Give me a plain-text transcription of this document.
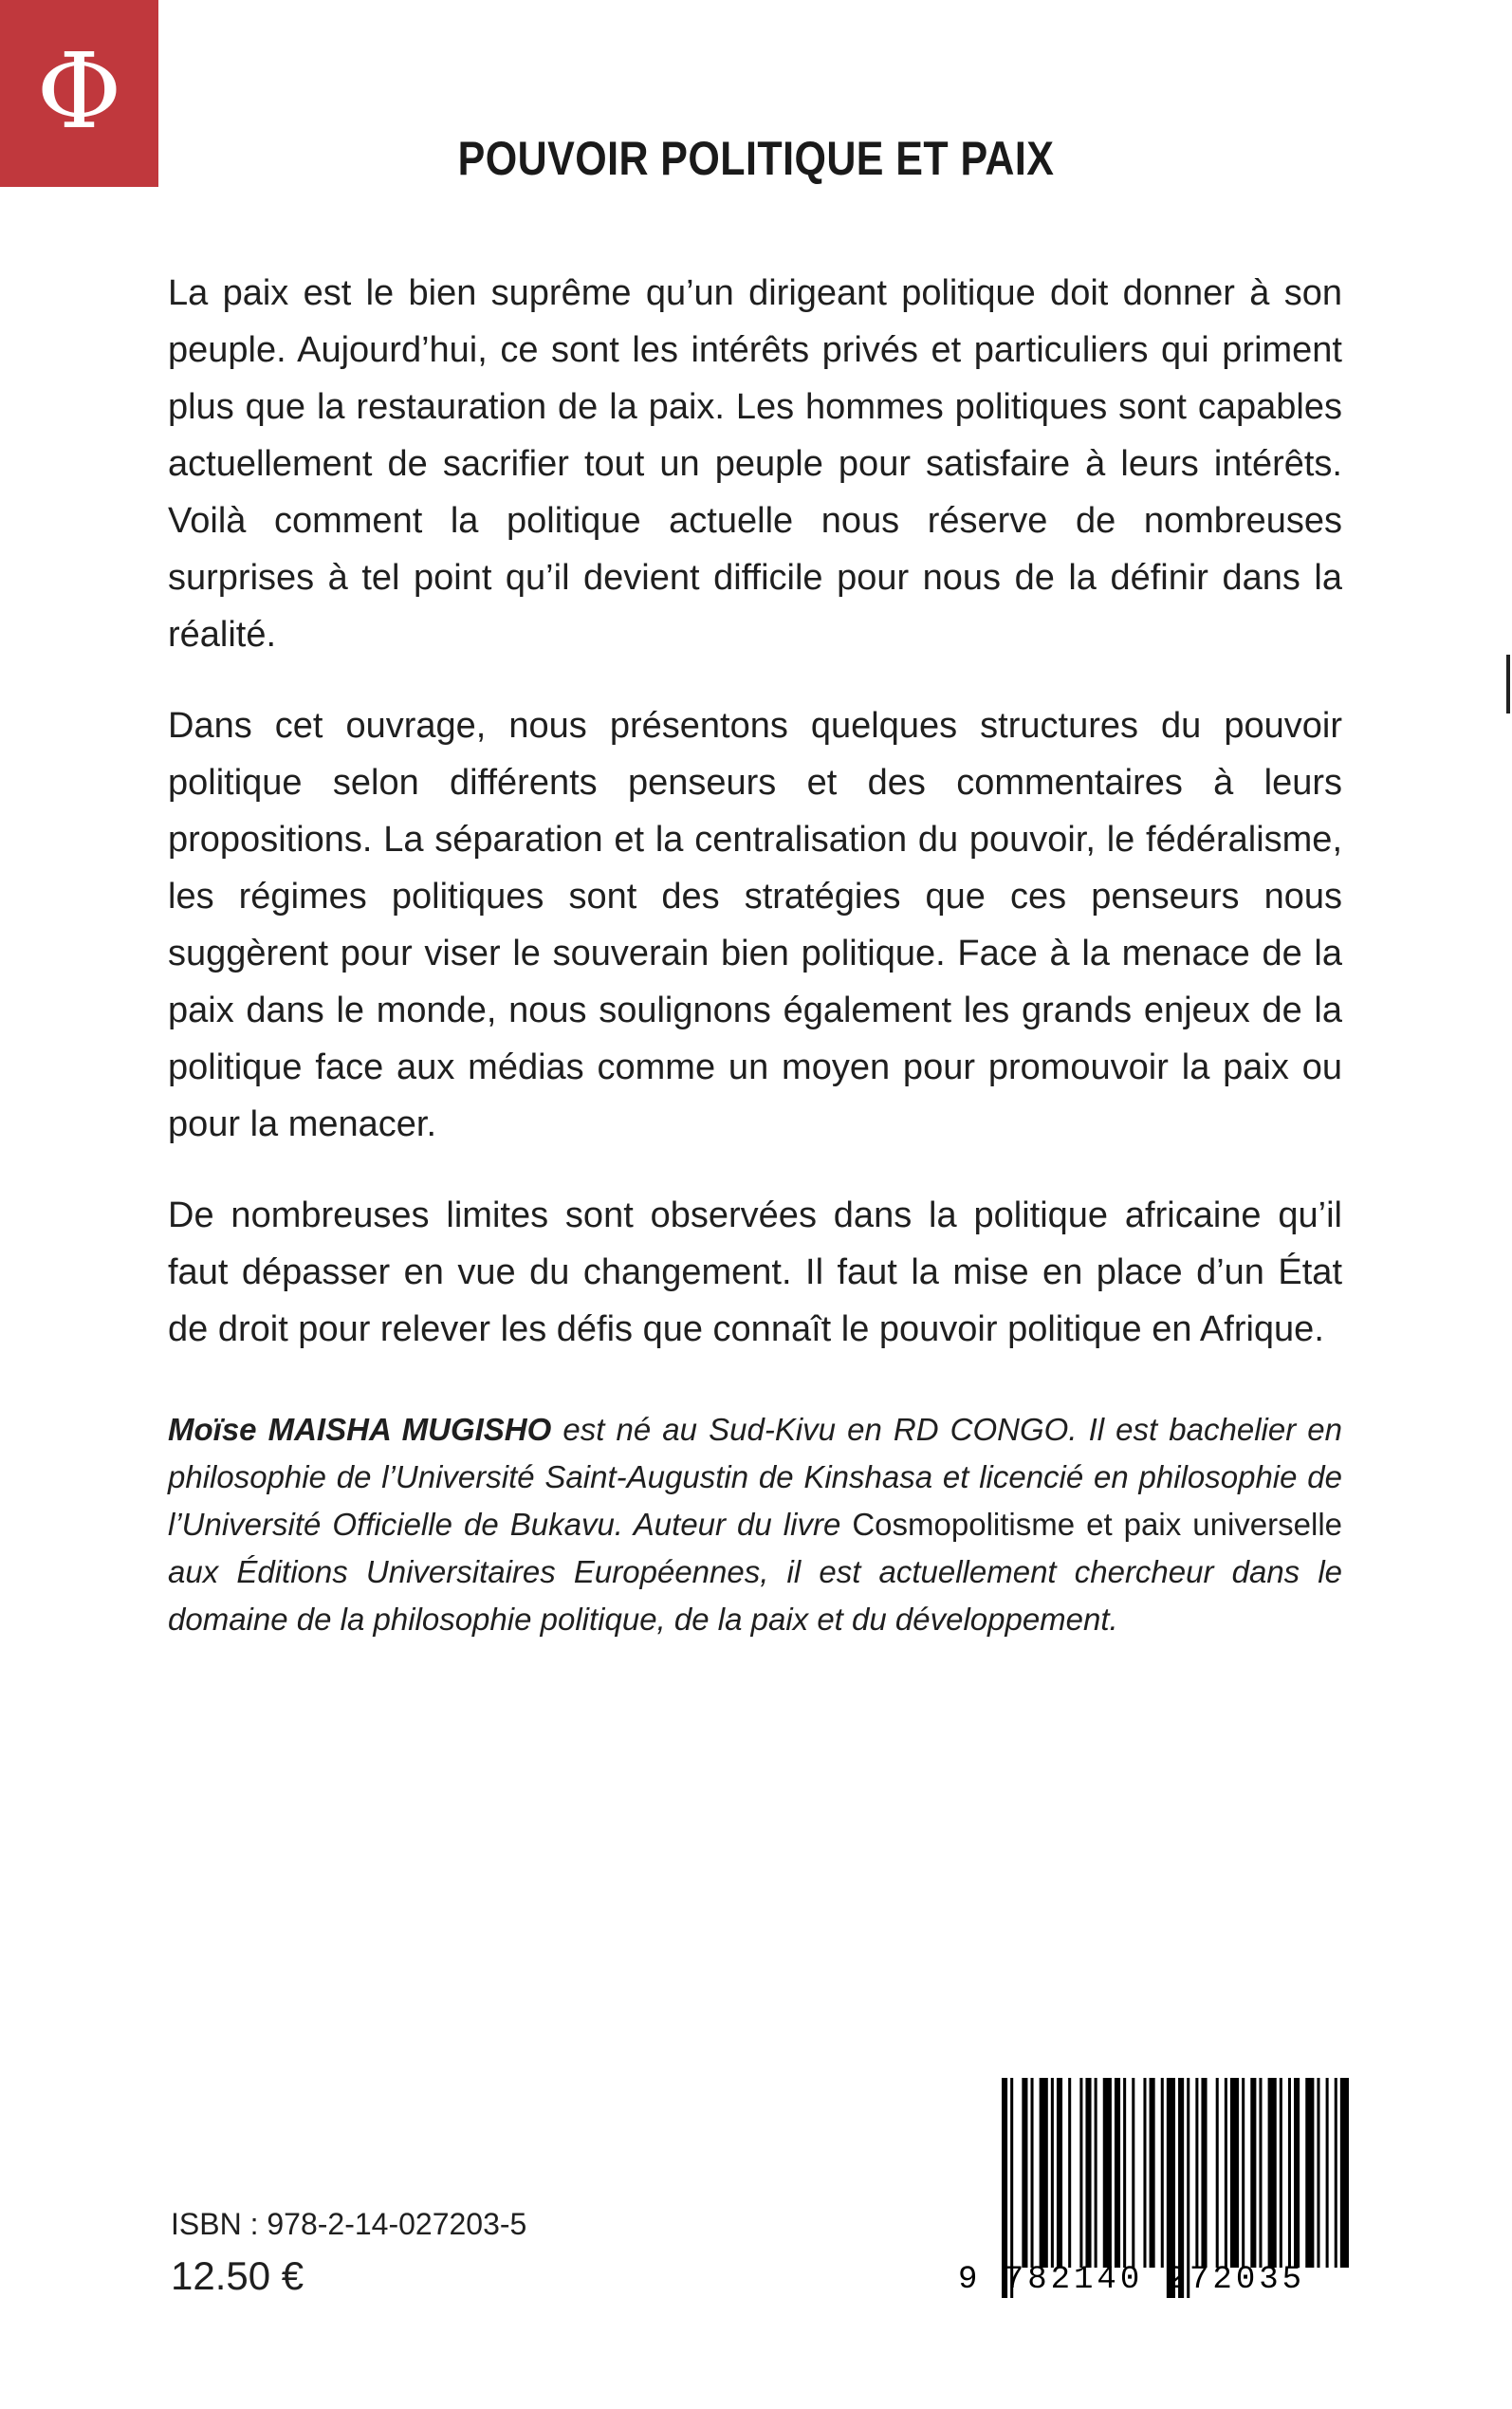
Φ
POUVOIR POLITIQUE ET PAIX

La paix est le bien suprême qu’un dirigeant politique doit donner à son peuple. Aujourd’hui, ce sont les intérêts privés et particuliers qui priment plus que la restauration de la paix. Les hommes politiques sont capables actuellement de sacrifier tout un peuple pour satisfaire à leurs intérêts. Voilà comment la politique actuelle nous réserve de nombreuses surprises à tel point qu’il devient difficile pour nous de la définir dans la réalité.

Dans cet ouvrage, nous présentons quelques structures du pouvoir politique selon différents penseurs et des commentaires à leurs propositions. La séparation et la centralisation du pouvoir, le fédéralisme, les régimes politiques sont des stratégies que ces penseurs nous suggèrent pour viser le souverain bien politique. Face à la menace de la paix dans le monde, nous soulignons également les grands enjeux de la politique face aux médias comme un moyen pour promouvoir la paix ou pour la menacer.

De nombreuses limites sont observées dans la politique africaine qu’il faut dépasser en vue du changement. Il faut la mise en place d’un État de droit pour relever les défis que connaît le pouvoir politique en Afrique.

Moïse MAISHA MUGISHO est né au Sud-Kivu en RD CONGO. Il est bachelier en philosophie de l’Université Saint-Augustin de Kinshasa et licencié en philosophie de l’Université Officielle de Bukavu. Auteur du livre Cosmopolitisme et paix universelle aux Éditions Universitaires Européennes, il est actuellement chercheur dans le domaine de la philosophie politique, de la paix et du développement.
ISBN : 978-2-14-027203-5
12.50 €	9 782140 272035
